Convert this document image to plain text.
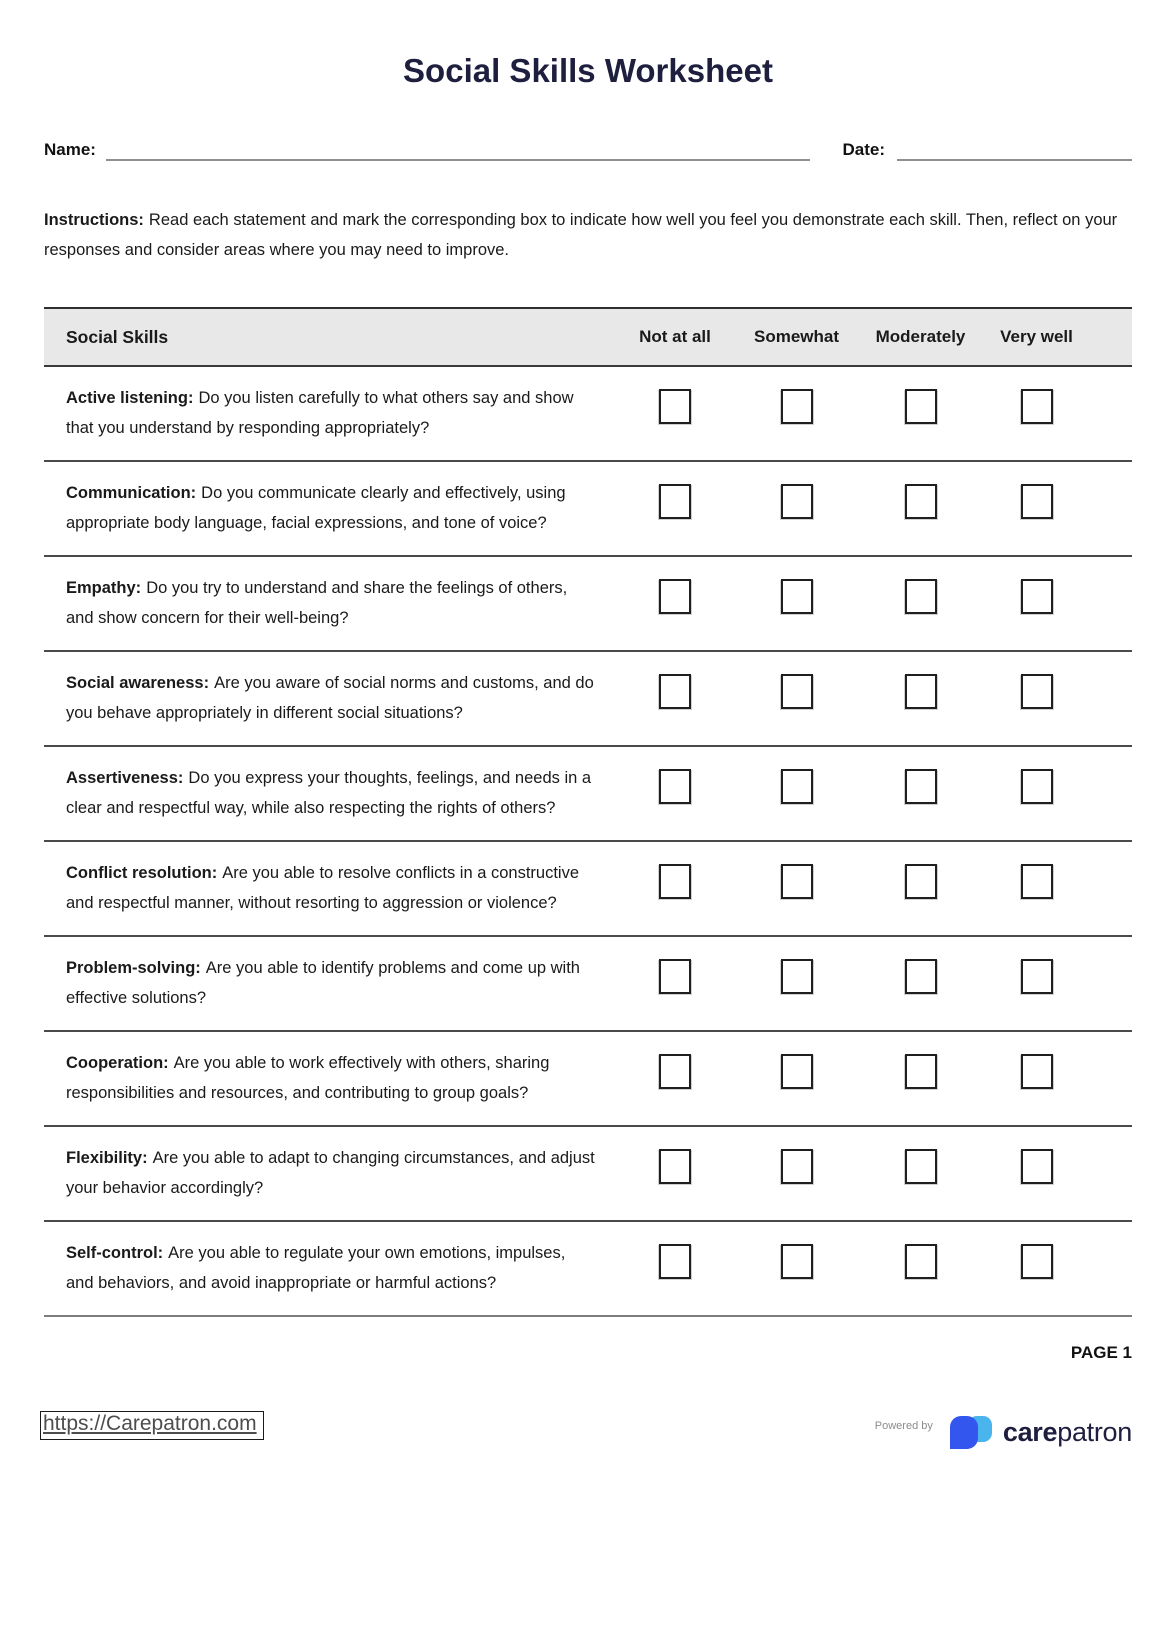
Social Skills Worksheet
Name:	Date:

Instructions: Read each statement and mark the corresponding box to indicate how well you feel you demonstrate each skill. Then, reflect on your responses and consider areas where you may need to improve.

Social Skills	Not at all	Somewhat	Moderately	Very well
Active listening: Do you listen carefully to what others say and show that you understand by responding appropriately?
Communication: Do you communicate clearly and effectively, using appropriate body language, facial expressions, and tone of voice?
Empathy: Do you try to understand and share the feelings of others, and show concern for their well-being?
Social awareness: Are you aware of social norms and customs, and do you behave appropriately in different social situations?
Assertiveness: Do you express your thoughts, feelings, and needs in a clear and respectful way, while also respecting the rights of others?
Conflict resolution: Are you able to resolve conflicts in a constructive and respectful manner, without resorting to aggression or violence?
Problem-solving: Are you able to identify problems and come up with effective solutions?
Cooperation: Are you able to work effectively with others, sharing responsibilities and resources, and contributing to group goals?
Flexibility: Are you able to adapt to changing circumstances, and adjust your behavior accordingly?
Self-control: Are you able to regulate your own emotions, impulses, and behaviors, and avoid inappropriate or harmful actions?
PAGE 1
https://Carepatron.com	Powered by	carepatron
